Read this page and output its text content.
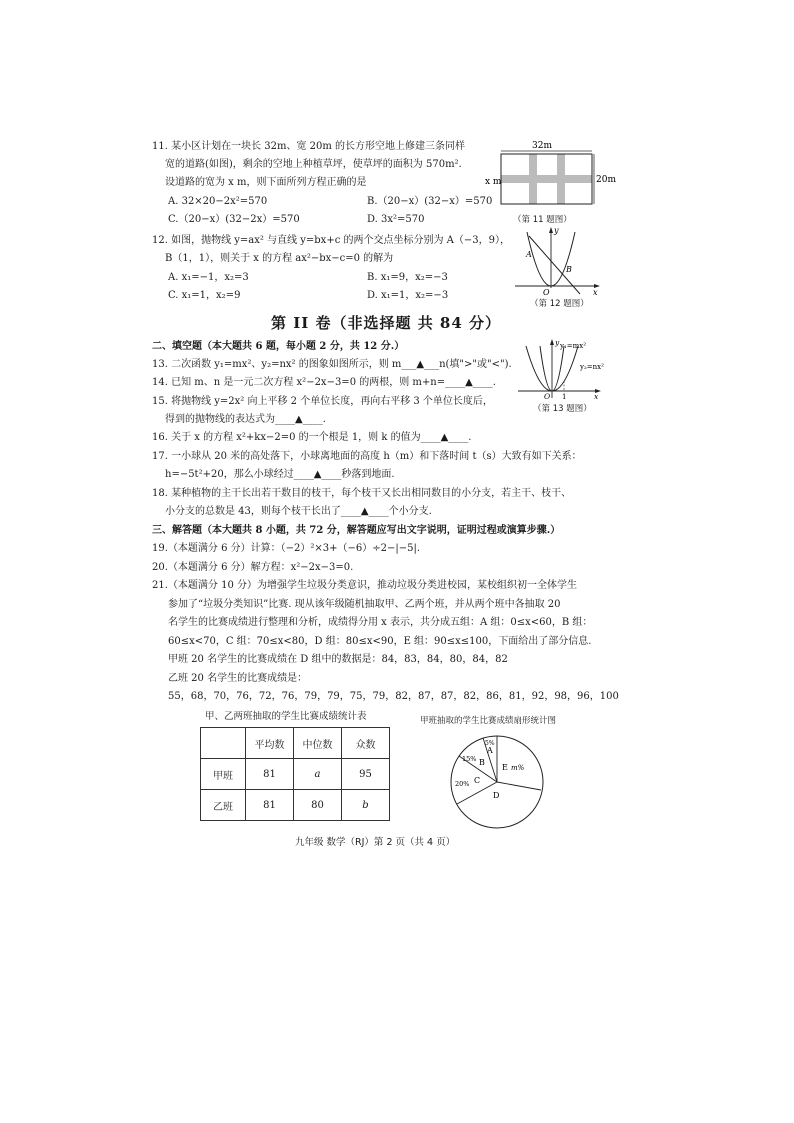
11. 某小区计划在一块长 32m、宽 20m 的长方形空地上修建三条同样
宽的道路(如图)，剩余的空地上种植草坪，使草坪的面积为 570m².
设道路的宽为 x m，则下面所列方程正确的是
A. 32×20−2x²=570	B.（20−x）(32−x）=570
C.（20−x）(32−2x）=570	D. 3x²=570
32m
20m
x m
（第 11 题图）
12. 如图，抛物线 y=ax² 与直线 y=bx+c 的两个交点坐标分别为 A（−3，9），
B（1，1），则关于 x 的方程 ax²−bx−c=0 的解为
A. x₁=−1，x₂=3	B. x₁=9，x₂=−3
C. x₁=1，x₂=9	D. x₁=1，x₂=−3
y
x
O
A
B
（第 12 题图）
第 II 卷（非选择题 共 84 分）
二、填空题（本大题共 6 题，每小题 2 分，共 12 分.）
13. 二次函数 y₁=mx²、y₂=nx² 的图象如图所示，则 m___▲___n(填">"或"<").
14. 已知 m、n 是一元二次方程 x²−2x−3=0 的两根，则 m+n=____▲____.
15. 将抛物线 y=2x² 向上平移 2 个单位长度，再向右平移 3 个单位长度后，
得到的抛物线的表达式为____▲____.
y
x
O 1
y₁=mx²
y₂=nx²
（第 13 题图）
16. 关于 x 的方程 x²+kx−2=0 的一个根是 1，则 k 的值为____▲____.
17. 一小球从 20 米的高处落下，小球离地面的高度 h（m）和下落时间 t（s）大致有如下关系：
h=−5t²+20，那么小球经过____▲____秒落到地面.
18. 某种植物的主干长出若干数目的枝干，每个枝干又长出相同数目的小分支，若主干、枝干、
小分支的总数是 43，则每个枝干长出了____▲____个小分支.
三、解答题（本大题共 8 小题，共 72 分，解答题应写出文字说明，证明过程或演算步骤.）
19.（本题满分 6 分）计算：（−2）²×3+（−6）÷2−|−5|.
20.（本题满分 6 分）解方程：x²−2x−3=0.
21.（本题满分 10 分）为增强学生垃圾分类意识，推动垃圾分类进校园，某校组织初一全体学生
参加了“垃圾分类知识”比赛. 现从该年级随机抽取甲、乙两个班，并从两个班中各抽取 20
名学生的比赛成绩进行整理和分析，成绩得分用 x 表示，共分成五组：A 组：0≤x<60，B 组：
60≤x<70，C 组：70≤x<80，D 组：80≤x<90，E 组：90≤x≤100，下面给出了部分信息.
甲班 20 名学生的比赛成绩在 D 组中的数据是：84，83，84，80，84，82
乙班 20 名学生的比赛成绩是：
55，68，70，76，72，76，79，79，75，79，82，87，87，82，86，81，92，98，96，100
甲、乙两班抽取的学生比赛成绩统计表
	平均数	中位数	众数
甲班	81	a	95
乙班	81	80	b
甲班抽取的学生比赛成绩扇形统计图
5%
A
15% B
20% C
D
E m%
九年级 数学（RJ）第 2 页（共 4 页）
